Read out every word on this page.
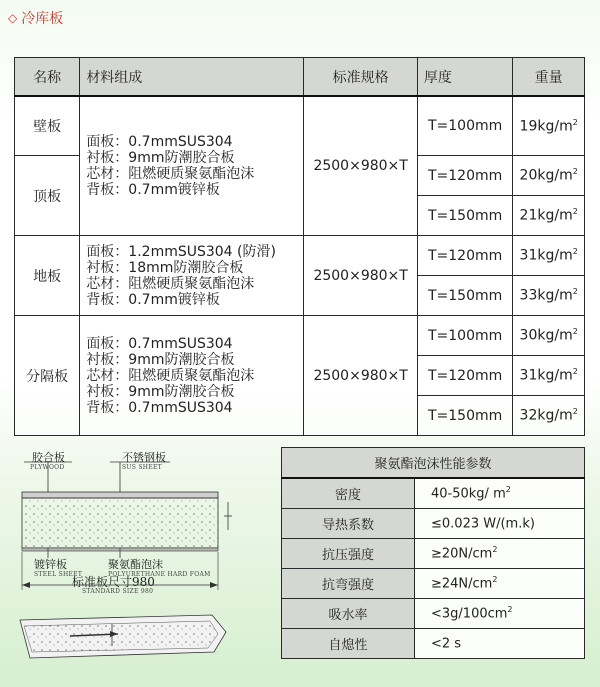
◇ 冷库板
名称	材料组成	标准规格	厚度	重量
壁板	面板：0.7mmSUS304
衬板：9mm防潮胶合板
芯材：阻燃硬质聚氨酯泡沫
背板：0.7mm镀锌板	2500×980×T	T=100mm	$19kg/m^2$
顶板			T=120mm	$20kg/m^2$
			T=150mm	$21kg/m^2$
地板	面板：1.2mmSUS304 (防滑)
衬板：18mm防潮胶合板
芯材：阻燃硬质聚氨酯泡沫
背板：0.7mm镀锌板	2500×980×T	T=120mm	$31kg/m^2$
			T=150mm	$33kg/m^2$
分隔板	面板：0.7mmSUS304
衬板：9mm防潮胶合板
芯材：阻燃硬质聚氨酯泡沫
衬板：9mm防潮胶合板
背板：0.7mmSUS304	2500×980×T	T=100mm	$30kg/m^2$
			T=120mm	$31kg/m^2$
			T=150mm	$32kg/m^2$
胶合板
PLYWOOD
不锈钢板
SUS SHEET
镀锌板
STEEL SHEET
聚氨酯泡沫
POLYURETHANE HARD FOAM
标准板尺寸980
STANDARD SIZE 980
聚氨酯泡沫性能参数	
密度	40-50kg/ $m^2$
导热系数	≤0.023 W/(m.k)
抗压强度	$\ge 20N/cm^2$
抗弯强度	$\ge 24N/cm^2$
吸水率	$<3g/100cm^2$
自熄性	<2 s
